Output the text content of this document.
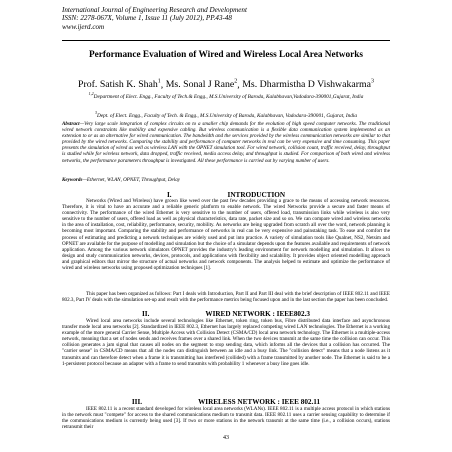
International Journal of Engineering Research and Development
ISSN: 2278-067X, Volume 1, Issue 11 (July 2012), PP.43-48
www.ijerd.com
Performance Evaluation of Wired and Wireless Local Area Networks
Prof. Satish K. Shah$^1$, Ms. Sonal J Rane$^2$, Ms. Dharmistha D Vishwakarma$^3$
$^{1,2}$Department of Elect. Engg., Faculty of Tech.& Engg., M.S.University of Baroda, Kalabhavan,Vadodara-390001,Gujarat, India
$^3$Dept. of Elect. Engg., Faculty of Tech. & Engg., M.S.University of Baroda, Kalabhavan, Vadodara-390001, Gujarat, India
Abstract—Very large scale integration of complex circuits on to a smaller chip demands for the evolution of high speed computer networks. The traditional wired network constraints like mobility and expensive cabling. But wireless communication is a flexible data communication system implemented as an extension to or as an alternative for wired communication. The bandwidth and the services provided by the wireless communication networks are similar to that provided by the wired networks. Comparing the stability and performance of computer networks in real can be very expensive and time consuming. This paper presents the simulation of wired as well as wireless LAN with the OPNET simulation tool. For wired network, collision count, traffic received, delay, throughput is studied while for wireless network, data dropped, traffic received, media access delay, and throughput is studied. For comparison of both wired and wireless networks, the performance parameters throughput is investigated. All these performance is carried out by varying number of users.
Keywords—Ethernet, WLAN, OPNET, Throughput, Delay
I.	INTRODUCTION
Networks (Wired and Wireless) have grown like weed over the past few decades providing a grace to the means of accessing network resources. Therefore, it is vital to have an accurate and a reliable generic platform to enable network. The wired Networks provide a secure and faster means of connectivity. The performance of the wired Ethernet is very sensitive to the number of users, offered load, transmission links while wireless is also very sensitive to the number of users, offered load as well as physical characteristics, data rate, packet size and so on. We can compare wired and wireless networks in the area of installation, cost, reliability, performance, security, mobility. As networks are being upgraded from scratch all over the word, network planning is becoming most important. Comparing the stability and performance of networks in real can be very expensive and painstaking task. To ease and comfort the process of estimating and predicting a network techniques are widely used and put into practice. A variety of simulation tools like Qualnet, NS2, Netsim and OPNET are available for the purpose of modelling and simulation but the choice of a simulator depends upon the features available and requirements of network application. Among the various network simulators OPNET provides the industry's leading environment for network modelling and simulation. It allows to design and study communication networks, devices, protocols, and applications with flexibility and scalability. It provides object oriented modelling approach and graphical editors that mirror the structure of actual networks and network components. The analysis helped to estimate and optimize the performance of wired and wireless networks using proposed optimization techniques [1].
This paper has been organized as follows: Part I deals with Introduction, Part II and Part III deal with the brief description of IEEE 802.11 and IEEE 802.3, Part IV deals with the simulation set-up and result with the performance metrics being focused upon and in the last section the paper has been concluded.
II.	WIRED NETWORK : IEEE802.3
Wired local area networks include several technologies like Ethernet, token ring, token bus, Fibre distributed data interface and asynchronous transfer mode local area networks [2]. Standardized in IEEE 802.3, Ethernet has largely replaced competing wired LAN technologies. The Ethernet is a working example of the more general Carrier Sense, Multiple Access with Collision Detect (CSMA/CD) local area network technology. The Ethernet is a multiple-access network, meaning that a set of nodes sends and receives frames over a shared link. When the two devices transmit at the same time the collision can occur. This collision generates a jam signal that causes all nodes on the segment to stop sending data, which informs all the devices that a collision has occurred. The "carrier sense" in CSMA/CD means that all the nodes can distinguish between an idle and a busy link. The "collision detect" means that a node listens as it transmits and can therefore detect when a frame it is transmitting has interfered (collided) with a frame transmitted by another node. The Ethernet is said to be a 1-persistent protocol because an adapter with a frame to send transmits with probability 1 whenever a busy line goes idle.
III.	WIRELESS NETWORK : IEEE 802.11
IEEE 802.11 is a recent standard developed for wireless local area networks (WLANs). IEEE 802.11 is a multiple access protocol in which stations in the network must "compete" for access to the shared communications medium to transmit data. IEEE 802.11 uses a carrier sensing capability to determine if the communications medium is currently being used [3]. If two or more stations in the network transmit at the same time (i.e., a collision occurs), stations retransmit their
43
